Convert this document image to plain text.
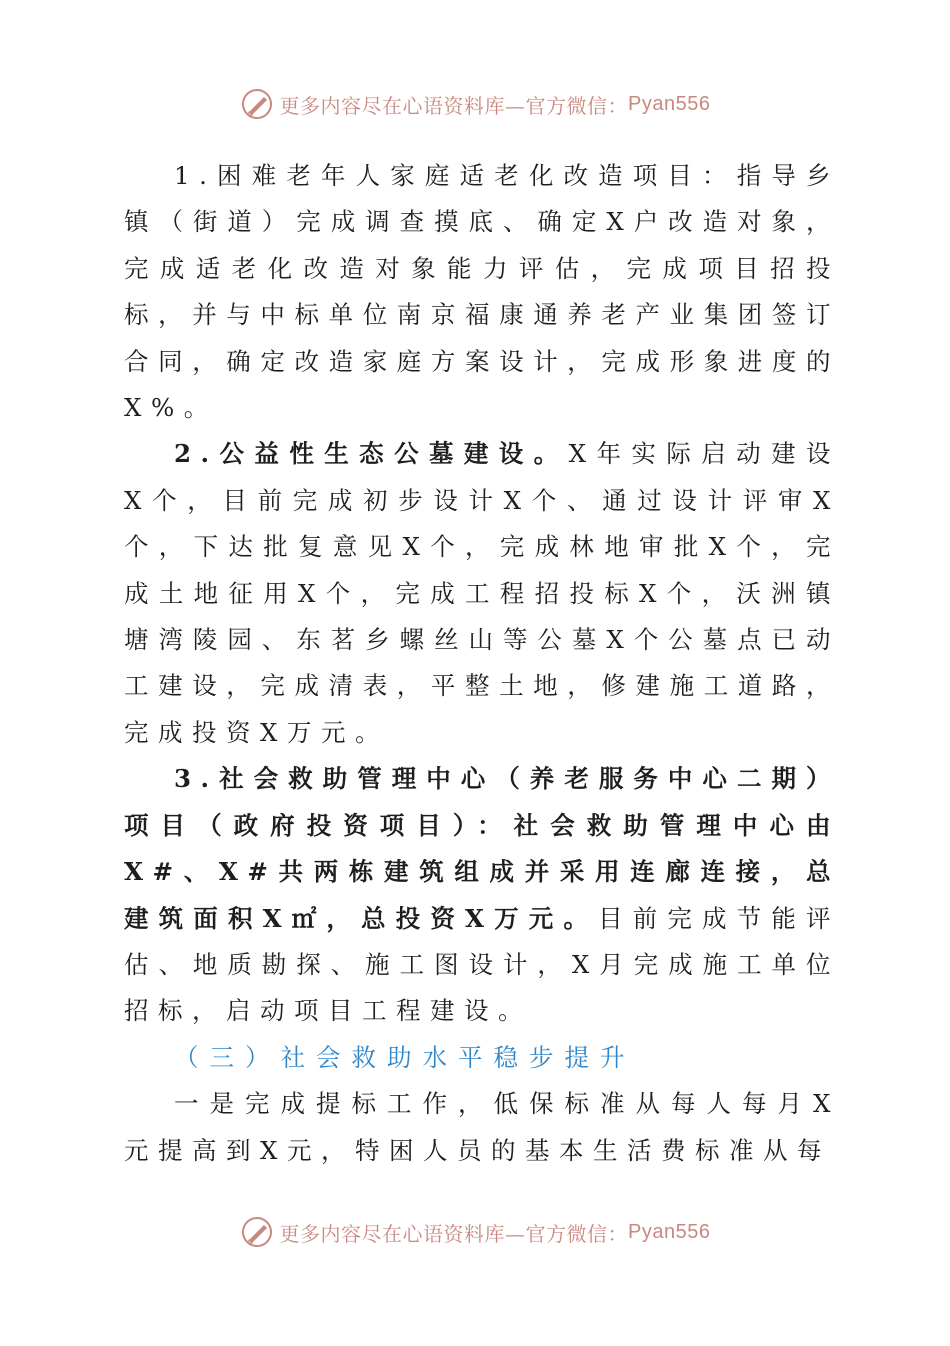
更多内容尽在心语资料库—官方微信： Pyan556

1.困难老年人家庭适老化改造项目：指导乡镇（街道）完成调查摸底、确定X户改造对象，完成适老化改造对象能力评估，完成项目招投标，并与中标单位南京福康通养老产业集团签订合同，确定改造家庭方案设计，完成形象进度的X%。

2.公益性生态公墓建设。X年实际启动建设X个，目前完成初步设计X个、通过设计评审X个，下达批复意见X个，完成林地审批X个，完成土地征用X个，完成工程招投标X个，沃洲镇塘湾陵园、东茗乡螺丝山等公墓X个公墓点已动工建设，完成清表，平整土地，修建施工道路，完成投资X万元。

3.社会救助管理中心（养老服务中心二期）项目（政府投资项目）：社会救助管理中心由X#、X#共两栋建筑组成并采用连廊连接，总建筑面积X㎡，总投资X万元。目前完成节能评估、地质勘探、施工图设计，X月完成施工单位招标，启动项目工程建设。

（三）社会救助水平稳步提升

一是完成提标工作，低保标准从每人每月X元提高到X元，特困人员的基本生活费标准从每

更多内容尽在心语资料库—官方微信： Pyan556
